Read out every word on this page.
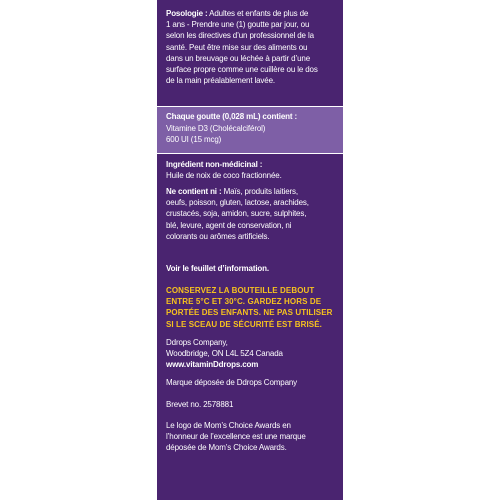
Posologie : Adultes et enfants de plus de
1 ans - Prendre une (1) goutte par jour, ou
selon les directives d’un professionnel de la
santé. Peut être mise sur des aliments ou
dans un breuvage ou léchée à partir d’une
surface propre comme une cuillère ou le dos
de la main préalablement lavée.
Chaque goutte (0,028 mL) contient :
Vitamine D3 (Cholécalciférol)
600 UI (15 mcg)
Ingrédient non-médicinal :
Huile de noix de coco fractionnée.
Ne contient ni : Maïs, produits laitiers,
oeufs, poisson, gluten, lactose, arachides,
crustacés, soja, amidon, sucre, sulphites,
blé, levure, agent de conservation, ni
colorants ou arômes artificiels.
Voir le feuillet d’information.
CONSERVEZ LA BOUTEILLE DEBOUT
ENTRE 5°C ET 30°C. GARDEZ HORS DE
PORTÉE DES ENFANTS. NE PAS UTILISER
SI LE SCEAU DE SÉCURITÉ EST BRISÉ.
Ddrops Company,
Woodbridge, ON L4L 5Z4 Canada
www.vitaminDdrops.com
Marque déposée de Ddrops Company
Brevet no. 2578881
Le logo de Mom’s Choice Awards en
l’honneur de l’excellence est une marque
déposée de Mom’s Choice Awards.
